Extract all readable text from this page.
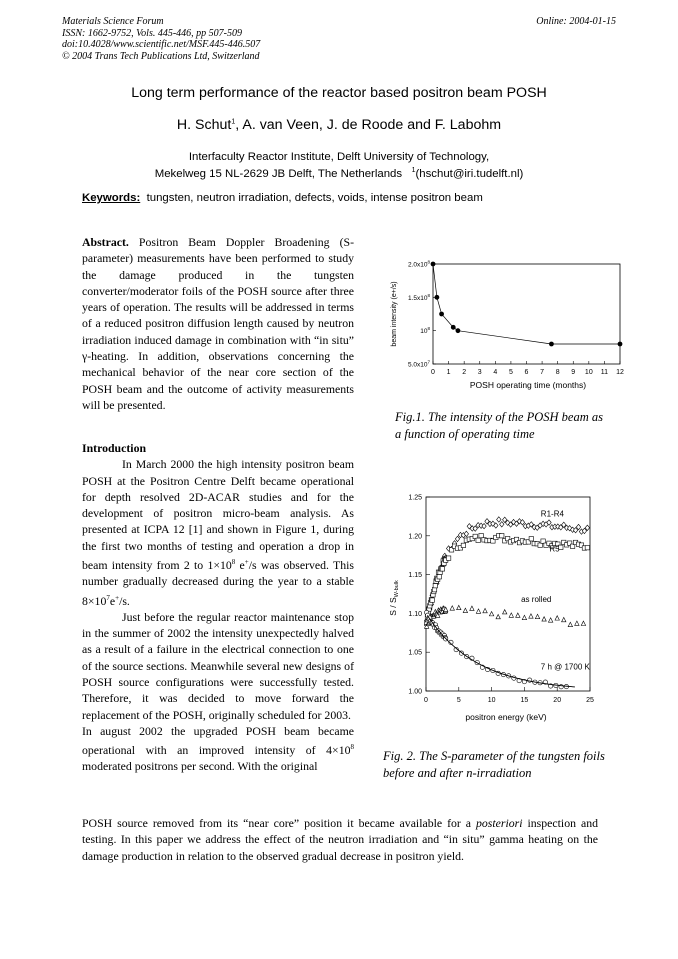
Materials Science Forum
ISSN: 1662-9752, Vols. 445-446, pp 507-509
doi:10.4028/www.scientific.net/MSF.445-446.507
© 2004 Trans Tech Publications Ltd, Switzerland
Online: 2004-01-15
Long term performance of the reactor based positron beam POSH
H. Schut$^1$, A. van Veen, J. de Roode and F. Labohm
Interfaculty Reactor Institute, Delft University of Technology,
Mekelweg 15 NL-2629 JB Delft, The Netherlands $^1$(hschut@iri.tudelft.nl)
Keywords: tungsten, neutron irradiation, defects, voids, intense positron beam

Abstract. Positron Beam Doppler Broadening (S-parameter) measurements have been performed to study the damage produced in the tungsten converter/moderator foils of the POSH source after three years of operation. The results will be addressed in terms of a reduced positron diffusion length caused by neutron irradiation induced damage in combination with “in situ” γ-heating. In addition, observations concerning the mechanical behavior of the near core section of the POSH beam and the outcome of activity measurements will be presented.

Introduction

In March 2000 the high intensity positron beam POSH at the Positron Centre Delft became operational for depth resolved 2D-ACAR studies and for the development of positron micro-beam analysis. As presented at ICPA 12 [1] and shown in Figure 1, during the first two months of testing and operation a drop in beam intensity from 2 to $1\times 10^8$ e+/s was observed. This number gradually decreased during the year to a stable $8\times 10^7e^+/s$.

Just before the regular reactor maintenance stop in the summer of 2002 the intensity unexpectedly halved as a result of a failure in the electrical connection to one of the source sections. Meanwhile several new designs of POSH source configurations were successfully tested. Therefore, it was decided to move forward the replacement of the POSH, originally scheduled for 2003.

In august 2002 the upgraded POSH beam became operational with an improved intensity of $4\times 10^8$ moderated positrons per second. With the original

POSH source removed from its “near core” position it became available for a posteriori inspection and testing. In this paper we address the effect of the neutron irradiation and “in situ” gamma heating on the damage production in relation to the observed gradual decrease in positron yield.

0 1 2 3 4 5 6 7 8 9 10 11 12
$5.0x10^7$
$10^8$
$1.5x10^8$
$2.0x10^8$
POSH operating time (months)
beam intensity (e+/s)
Fig.1. The intensity of the POSH beam as a function of operating time
0	5	10	15	20	25
1.00
1.05
1.10
1.15
1.20
1.25
R1-R4
R5
as rolled
7 h @ 1700 K
positron energy (keV)
S / $S_{W-bulk}$
Fig. 2. The S-parameter of the tungsten foils before and after n-irradiation
